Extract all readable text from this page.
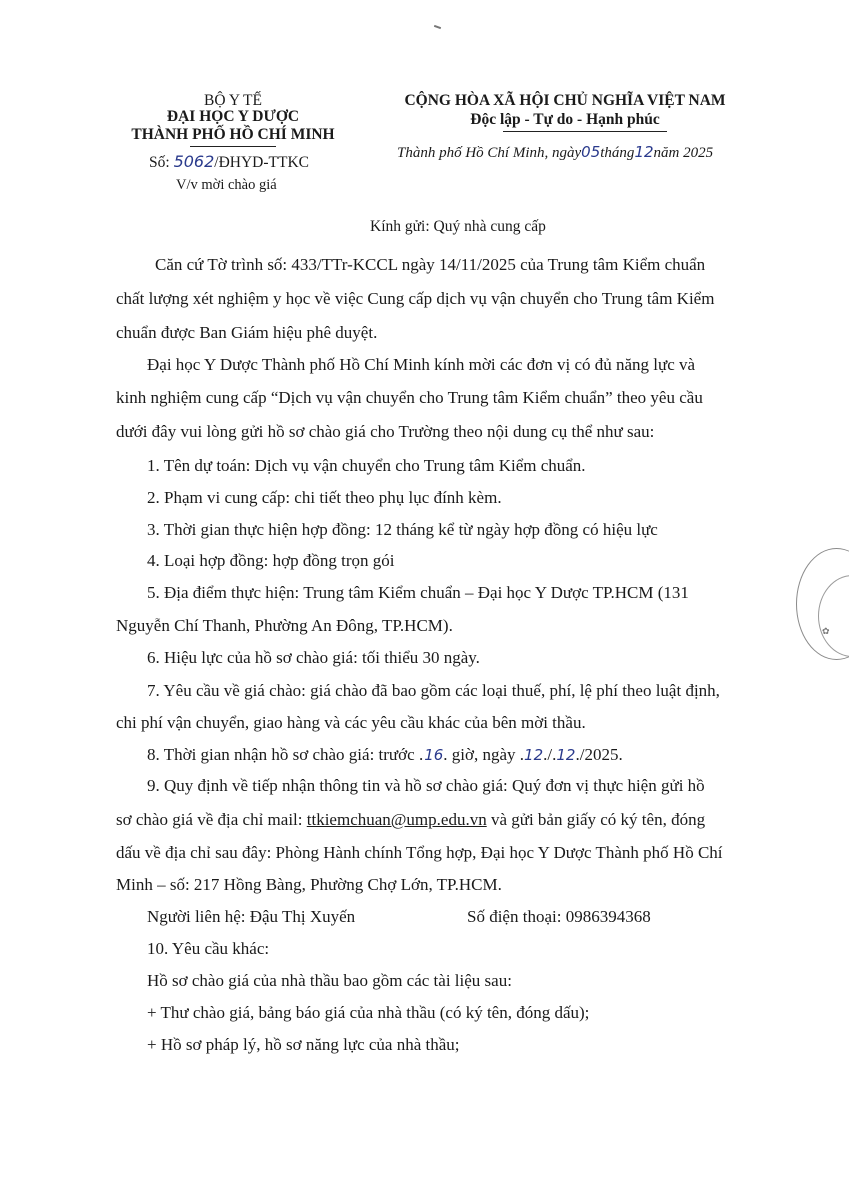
BỘ Y TẾ
ĐẠI HỌC Y DƯỢC
THÀNH PHỐ HỒ CHÍ MINH
Số: 5062/ĐHYD-TTKC
V/v mời chào giá
CỘNG HÒA XÃ HỘI CHỦ NGHĨA VIỆT NAM
Độc lập - Tự do - Hạnh phúc
Thành phố Hồ Chí Minh, ngày05tháng12năm 2025
Kính gửi: Quý nhà cung cấp
Căn cứ Tờ trình số: 433/TTr-KCCL ngày 14/11/2025 của Trung tâm Kiểm chuẩn
chất lượng xét nghiệm y học về việc Cung cấp dịch vụ vận chuyển cho Trung tâm Kiểm
chuẩn được Ban Giám hiệu phê duyệt.
Đại học Y Dược Thành phố Hồ Chí Minh kính mời các đơn vị có đủ năng lực và
kinh nghiệm cung cấp “Dịch vụ vận chuyển cho Trung tâm Kiểm chuẩn” theo yêu cầu
dưới đây vui lòng gửi hồ sơ chào giá cho Trường theo nội dung cụ thể như sau:
1. Tên dự toán: Dịch vụ vận chuyển cho Trung tâm Kiểm chuẩn.
2. Phạm vi cung cấp: chi tiết theo phụ lục đính kèm.
3. Thời gian thực hiện hợp đồng: 12 tháng kể từ ngày hợp đồng có hiệu lực
4. Loại hợp đồng: hợp đồng trọn gói
5. Địa điểm thực hiện: Trung tâm Kiểm chuẩn – Đại học Y Dược TP.HCM (131
Nguyễn Chí Thanh, Phường An Đông, TP.HCM).
6. Hiệu lực của hồ sơ chào giá: tối thiểu 30 ngày.
7. Yêu cầu về giá chào: giá chào đã bao gồm các loại thuế, phí, lệ phí theo luật định,
chi phí vận chuyển, giao hàng và các yêu cầu khác của bên mời thầu.
8. Thời gian nhận hồ sơ chào giá: trước .16. giờ, ngày .12./.12./2025.
9. Quy định về tiếp nhận thông tin và hồ sơ chào giá: Quý đơn vị thực hiện gửi hồ
sơ chào giá về địa chỉ mail: ttkiemchuan@ump.edu.vn và gửi bản giấy có ký tên, đóng
dấu về địa chỉ sau đây: Phòng Hành chính Tổng hợp, Đại học Y Dược Thành phố Hồ Chí
Minh – số: 217 Hồng Bàng, Phường Chợ Lớn, TP.HCM.
Người liên hệ: Đậu Thị Xuyến	Số điện thoại: 0986394368
10. Yêu cầu khác:
Hồ sơ chào giá của nhà thầu bao gồm các tài liệu sau:
+ Thư chào giá, bảng báo giá của nhà thầu (có ký tên, đóng dấu);
+ Hồ sơ pháp lý, hồ sơ năng lực của nhà thầu;
✿
